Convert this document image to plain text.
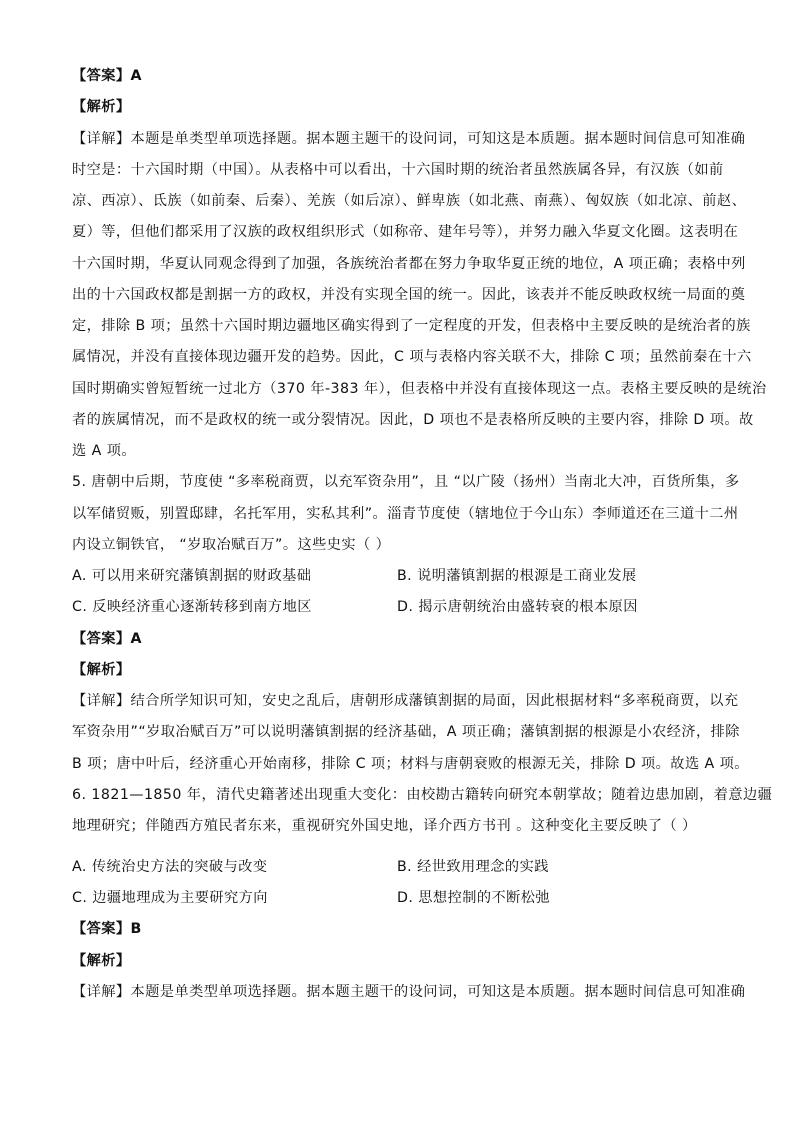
【答案】A
【解析】
【详解】本题是单类型单项选择题。据本题主题干的设问词，可知这是本质题。据本题时间信息可知准确
时空是：十六国时期（中国）。从表格中可以看出，十六国时期的统治者虽然族属各异，有汉族（如前
凉、西凉）、氐族（如前秦、后秦）、羌族（如后凉）、鲜卑族（如北燕、南燕）、匈奴族（如北凉、前赵、
夏）等，但他们都采用了汉族的政权组织形式（如称帝、建年号等），并努力融入华夏文化圈。这表明在
十六国时期，华夏认同观念得到了加强，各族统治者都在努力争取华夏正统的地位，A 项正确；表格中列
出的十六国政权都是割据一方的政权，并没有实现全国的统一。因此，该表并不能反映政权统一局面的奠
定，排除 B 项；虽然十六国时期边疆地区确实得到了一定程度的开发，但表格中主要反映的是统治者的族
属情况，并没有直接体现边疆开发的趋势。因此，C 项与表格内容关联不大，排除 C 项；虽然前秦在十六
国时期确实曾短暂统一过北方（370 年-383 年），但表格中并没有直接体现这一点。表格主要反映的是统治
者的族属情况，而不是政权的统一或分裂情况。因此，D 项也不是表格所反映的主要内容，排除 D 项。故
选 A 项。
5. 唐朝中后期，节度使 “多率税商贾，以充军资杂用”，且 “以广陵（扬州）当南北大冲，百货所集，多
以军储贸贩，别置邸肆，名托军用，实私其利”。淄青节度使（辖地位于今山东）李师道还在三道十二州
内设立铜铁官， “岁取冶赋百万”。这些史实（ ）
A. 可以用来研究藩镇割据的财政基础	B. 说明藩镇割据的根源是工商业发展
C. 反映经济重心逐渐转移到南方地区	D. 揭示唐朝统治由盛转衰的根本原因
【答案】A
【解析】
【详解】结合所学知识可知，安史之乱后，唐朝形成藩镇割据的局面，因此根据材料“多率税商贾，以充
军资杂用”“岁取冶赋百万”可以说明藩镇割据的经济基础，A 项正确；藩镇割据的根源是小农经济，排除
B 项；唐中叶后，经济重心开始南移，排除 C 项；材料与唐朝衰败的根源无关，排除 D 项。故选 A 项。
6. 1821—1850 年，清代史籍著述出现重大变化：由校勘古籍转向研究本朝掌故；随着边患加剧，着意边疆
地理研究；伴随西方殖民者东来，重视研究外国史地，译介西方书刊 。这种变化主要反映了（ ）
A. 传统治史方法的突破与改变	B. 经世致用理念的实践
C. 边疆地理成为主要研究方向	D. 思想控制的不断松弛
【答案】B
【解析】
【详解】本题是单类型单项选择题。据本题主题干的设问词，可知这是本质题。据本题时间信息可知准确
